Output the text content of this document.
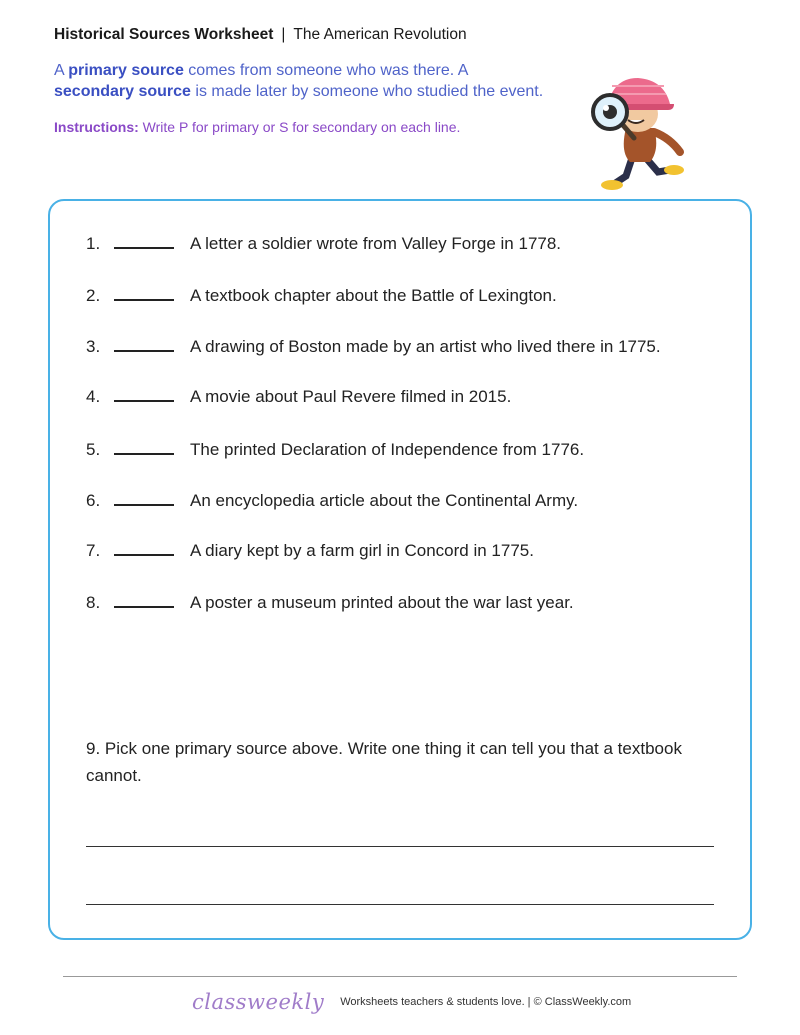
Historical Sources Worksheet | The American Revolution
A primary source comes from someone who was there. A
secondary source is made later by someone who studied the event.
Instructions: Write P for primary or S for secondary on each line.
1.	A letter a soldier wrote from Valley Forge in 1778.
2.	A textbook chapter about the Battle of Lexington.
3.	A drawing of Boston made by an artist who lived there in 1775.
4.	A movie about Paul Revere filmed in 2015.
5.	The printed Declaration of Independence from 1776.
6.	An encyclopedia article about the Continental Army.
7.	A diary kept by a farm girl in Concord in 1775.
8.	A poster a museum printed about the war last year.
9. Pick one primary source above. Write one thing it can tell you that a textbook cannot.
classweekly Worksheets teachers & students love. | © ClassWeekly.com
